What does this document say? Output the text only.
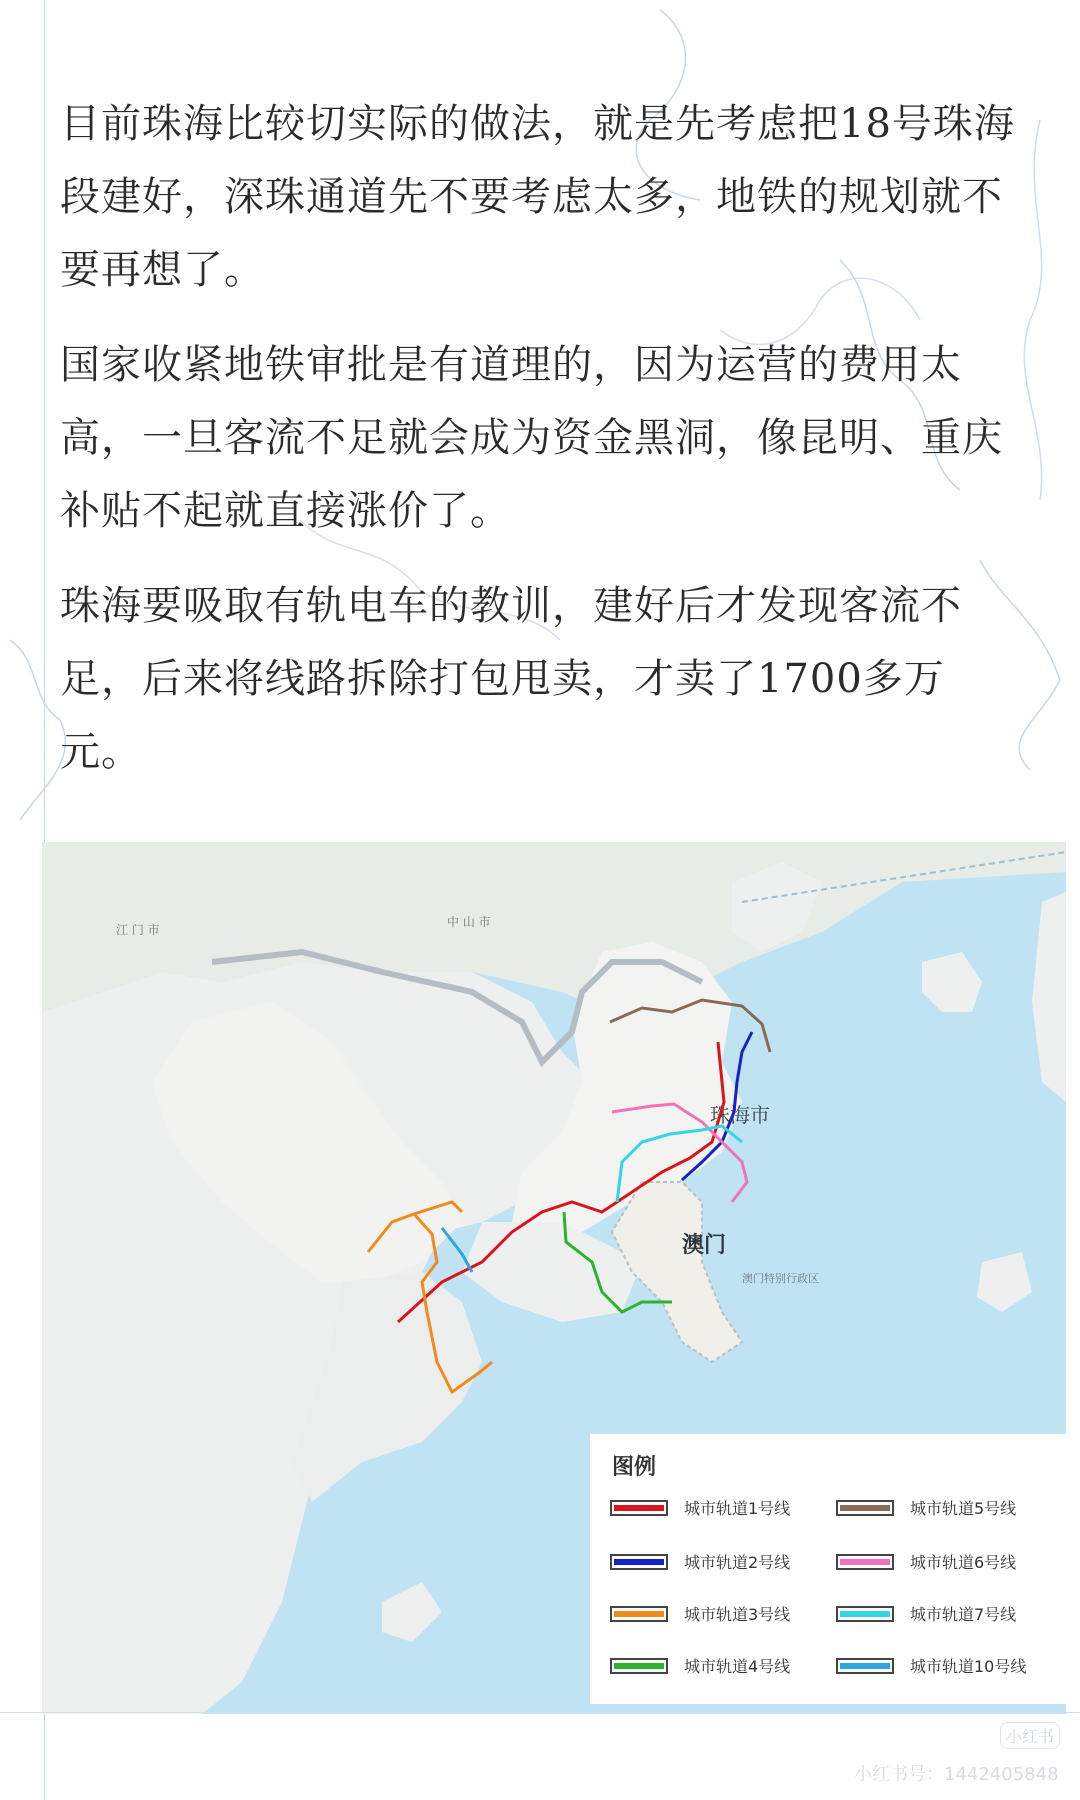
目前珠海比较切实际的做法，就是先考虑把18号珠海段建好，深珠通道先不要考虑太多，地铁的规划就不要再想了。

国家收紧地铁审批是有道理的，因为运营的费用太高，一旦客流不足就会成为资金黑洞，像昆明、重庆补贴不起就直接涨价了。

珠海要吸取有轨电车的教训，建好后才发现客流不足，后来将线路拆除打包甩卖，才卖了1700多万元。

江 门 市
中 山 市
珠海市
澳门
澳门特别行政区
图例
城市轨道1号线	城市轨道5号线
城市轨道2号线	城市轨道6号线
城市轨道3号线	城市轨道7号线
城市轨道4号线	城市轨道10号线
小红书
小红书号：1442405848
